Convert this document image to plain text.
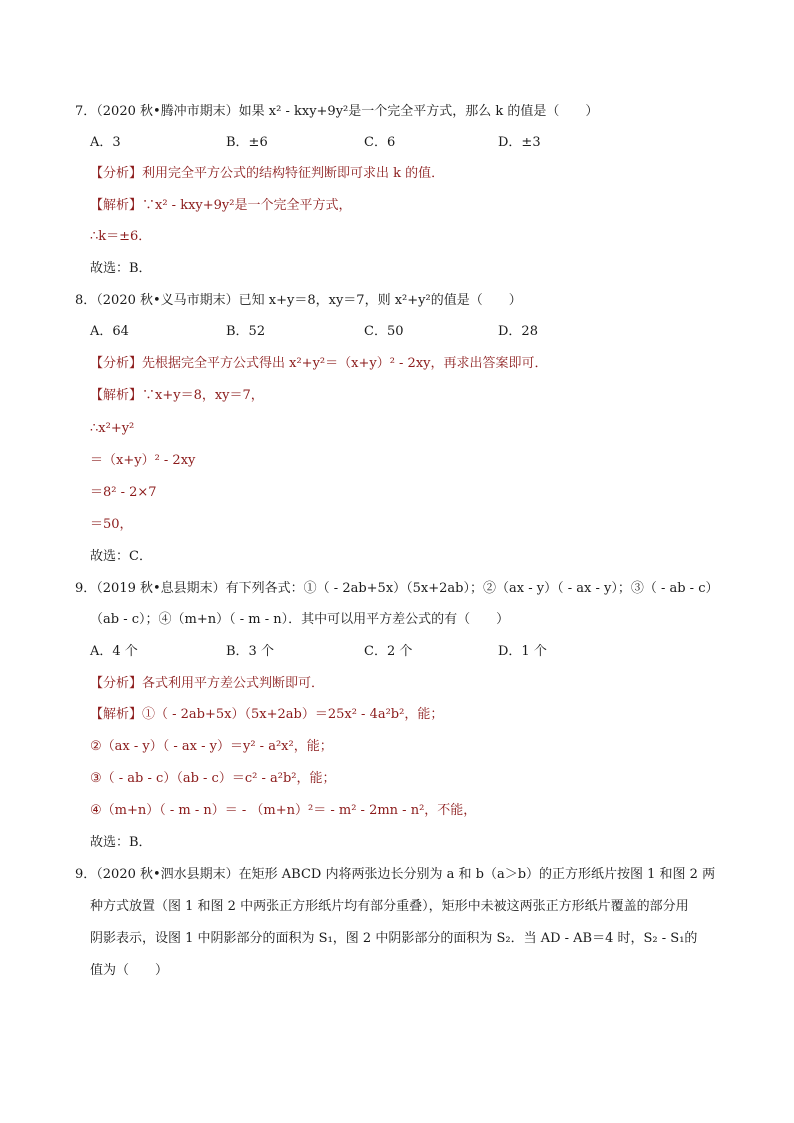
7．（2020 秋•腾冲市期末）如果 x² - kxy+9y²是一个完全平方式，那么 k 的值是（　　）
A．3	B．±6	C．6	D．±3
【分析】利用完全平方公式的结构特征判断即可求出 k 的值．
【解析】∵x² - kxy+9y²是一个完全平方式，
∴k＝±6．
故选：B．
8．（2020 秋•义马市期末）已知 x+y＝8，xy＝7，则 x²+y²的值是（　　）
A．64	B．52	C．50	D．28
【分析】先根据完全平方公式得出 x²+y²＝（x+y）² - 2xy，再求出答案即可．
【解析】∵x+y＝8，xy＝7，
∴x²+y²
＝（x+y）² - 2xy
＝8² - 2×7
＝50，
故选：C．
9．（2019 秋•息县期末）有下列各式：①（ - 2ab+5x）（5x+2ab）；②（ax - y）（ - ax - y）；③（ - ab - c）
（ab - c）；④（m+n）（ - m - n）．其中可以用平方差公式的有（　　）
A．4 个	B．3 个	C．2 个	D．1 个
【分析】各式利用平方差公式判断即可．
【解析】①（ - 2ab+5x）（5x+2ab）＝25x² - 4a²b²，能；
②（ax - y）（ - ax - y）＝y² - a²x²，能；
③（ - ab - c）（ab - c）＝c² - a²b²，能；
④（m+n）（ - m - n）＝ - （m+n）²＝ - m² - 2mn - n²，不能，
故选：B．
9．（2020 秋•泗水县期末）在矩形 ABCD 内将两张边长分别为 a 和 b（a＞b）的正方形纸片按图 1 和图 2 两
种方式放置（图 1 和图 2 中两张正方形纸片均有部分重叠），矩形中未被这两张正方形纸片覆盖的部分用
阴影表示，设图 1 中阴影部分的面积为 S₁，图 2 中阴影部分的面积为 S₂．当 AD - AB＝4 时，S₂ - S₁的
值为（　　）
